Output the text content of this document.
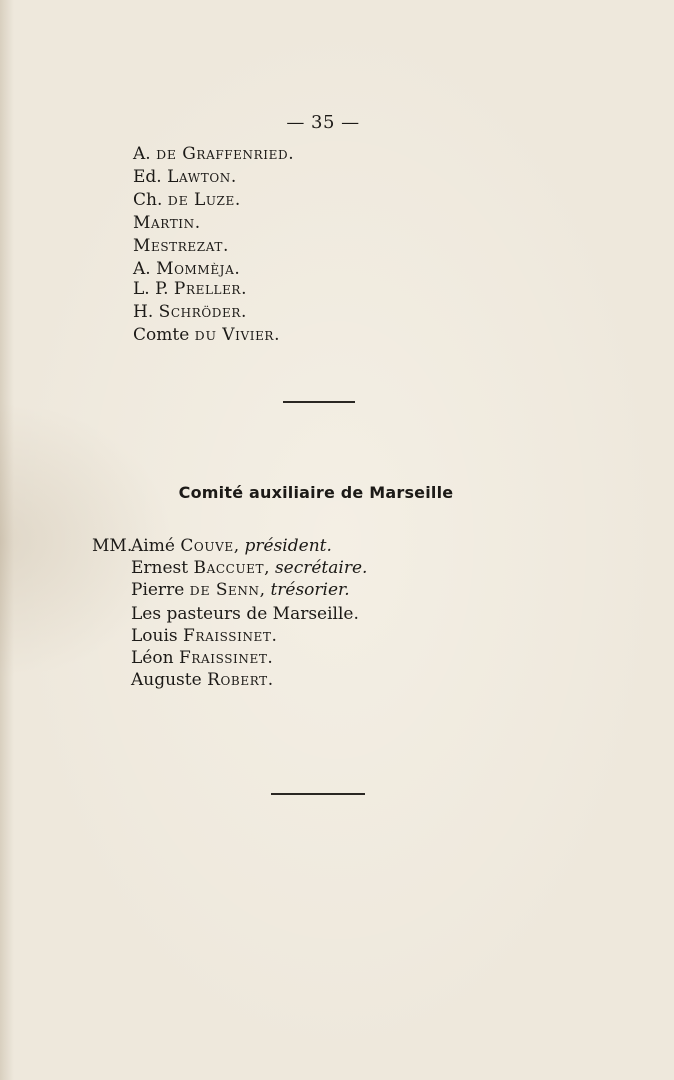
— 35 —
A. DE Graffenried.
Ed. Lawton.
Ch. DE Luze.
Martin.
Mestrezat.
A. Mommèja.
L. P. Preller.
H. Schröder.
Comte DU Vivier.
Comité auxiliaire de Marseille
MM.
Aimé Couve, président.
Ernest Baccuet, secrétaire.
Pierre DE Senn, trésorier.
Les pasteurs de Marseille.
Louis Fraissinet.
Léon Fraissinet.
Auguste Robert.
